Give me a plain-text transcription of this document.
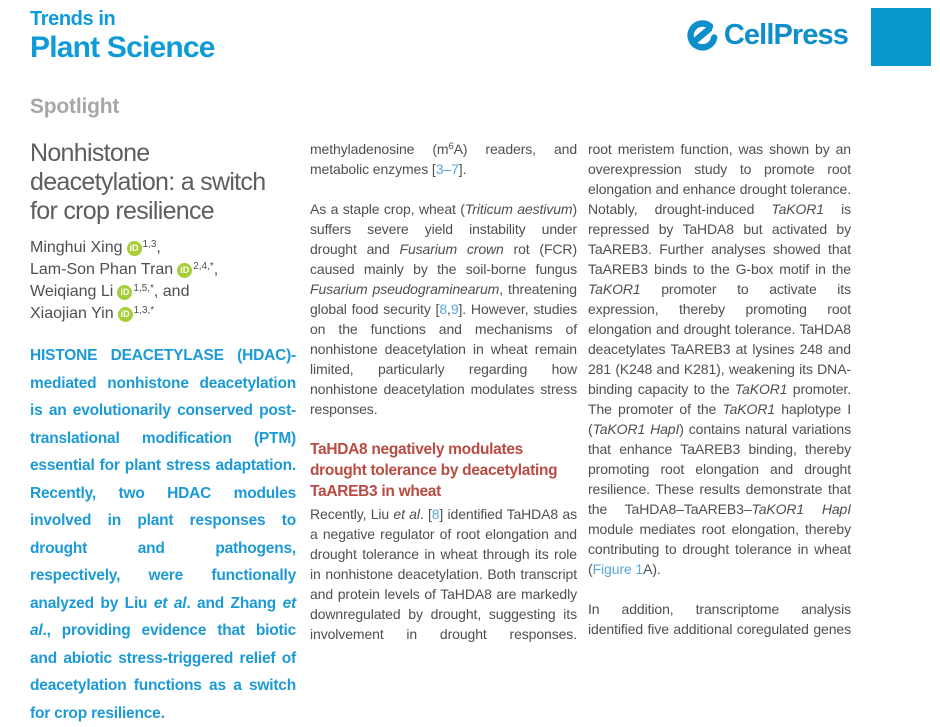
Trends in
Plant Science	CellPress
Spotlight
Nonhistone
deacetylation: a switch
for crop resilience
Minghui Xing iD $^{1,3}$,
Lam-Son Phan Tran iD $^{2,4,*}$,
Weiqiang Li iD $^{1,5,*}$, and
Xiaojian Yin iD $^{1,3,*}$

HISTONE DEACETYLASE (HDAC)-mediated nonhistone deacetylation is an evolutionarily conserved post-translational modification (PTM) essential for plant stress adaptation. Recently, two HDAC modules involved in plant responses to drought and pathogens, respectively, were functionally analyzed by Liu et al. and Zhang et al., providing evidence that biotic and abiotic stress-triggered relief of deacetylation functions as a switch for crop resilience.

methyladenosine $(m^6A)$ readers, and metabolic enzymes [3–7].

As a staple crop, wheat (Triticum aestivum) suffers severe yield instability under drought and Fusarium crown rot (FCR) caused mainly by the soil-borne fungus Fusarium pseudograminearum, threatening global food security [8,9]. However, studies on the functions and mechanisms of nonhistone deacetylation in wheat remain limited, particularly regarding how nonhistone deacetylation modulates stress responses.

TaHDA8 negatively modulates drought tolerance by deacetylating TaAREB3 in wheat

Recently, Liu et al. [8] identified TaHDA8 as a negative regulator of root elongation and drought tolerance in wheat through its role in nonhistone deacetylation. Both transcript and protein levels of TaHDA8 are markedly downregulated by drought, suggesting its involvement in drought responses.

root meristem function, was shown by an overexpression study to promote root elongation and enhance drought tolerance. Notably, drought-induced TaKOR1 is repressed by TaHDA8 but activated by TaAREB3. Further analyses showed that TaAREB3 binds to the G-box motif in the TaKOR1 promoter to activate its expression, thereby promoting root elongation and drought tolerance. TaHDA8 deacetylates TaAREB3 at lysines 248 and 281 (K248 and K281), weakening its DNA-binding capacity to the TaKOR1 promoter. The promoter of the TaKOR1 haplotype I (TaKOR1 HapI) contains natural variations that enhance TaAREB3 binding, thereby promoting root elongation and drought resilience. These results demonstrate that the TaHDA8–TaAREB3–TaKOR1 HapI module mediates root elongation, thereby contributing to drought tolerance in wheat (Figure 1A).

In addition, transcriptome analysis identified five additional coregulated genes
